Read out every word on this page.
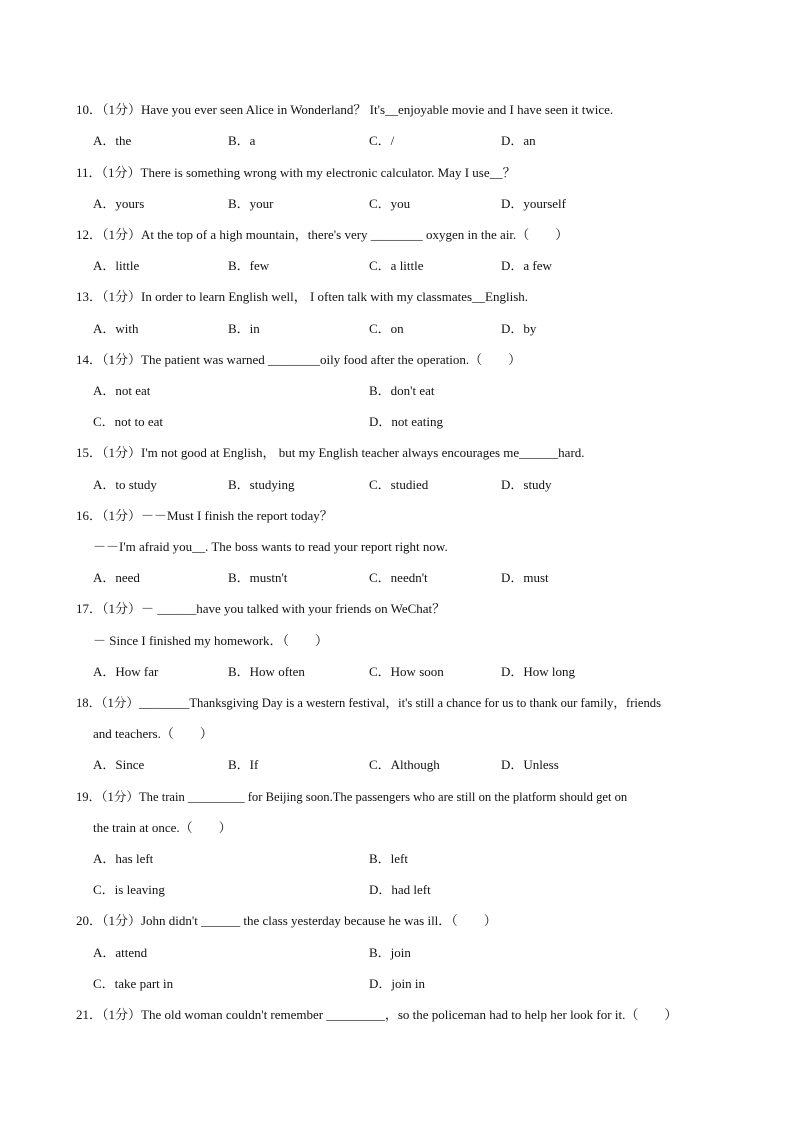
10．（1分）Have you ever seen Alice in Wonderland？ It's__enjoyable movie and I have seen it twice.
A．the	B．a	C．/	D．an
11．（1分）There is something wrong with my electronic calculator. May I use__？
A．yours	B．your	C．you	D．yourself
12．（1分）At the top of a high mountain，there's very ________ oxygen in the air.（　　）
A．little	B．few	C．a little	D．a few
13．（1分）In order to learn English well， I often talk with my classmates__English.
A．with	B．in	C．on	D．by
14．（1分）The patient was warned ________oily food after the operation.（　　）
A．not eat	B．don't eat
C．not to eat	D．not eating
15．（1分）I'm not good at English， but my English teacher always encourages me______hard.
A．to study	B．studying	C．studied	D．study
16．（1分）－－Must I finish the report today？
－－I'm afraid you__. The boss wants to read your report right now.
A．need	B．mustn't	C．needn't	D．must
17．（1分）－ ______have you talked with your friends on WeChat？
－ Since I finished my homework．（　　）
A．How far	B．How often	C．How soon	D．How long
18．（1分）________Thanksgiving Day is a western festival，it's still a chance for us to thank our family，friends
and teachers.（　　）
A．Since	B．If	C．Although	D．Unless
19．（1分）The train _________ for Beijing soon.The passengers who are still on the platform should get on
the train at once.（　　）
A．has left	B．left
C．is leaving	D．had left
20．（1分）John didn't ______ the class yesterday because he was ill．（　　）
A．attend	B．join
C．take part in	D．join in
21．（1分）The old woman couldn't remember _________，so the policeman had to help her look for it.（　　）
